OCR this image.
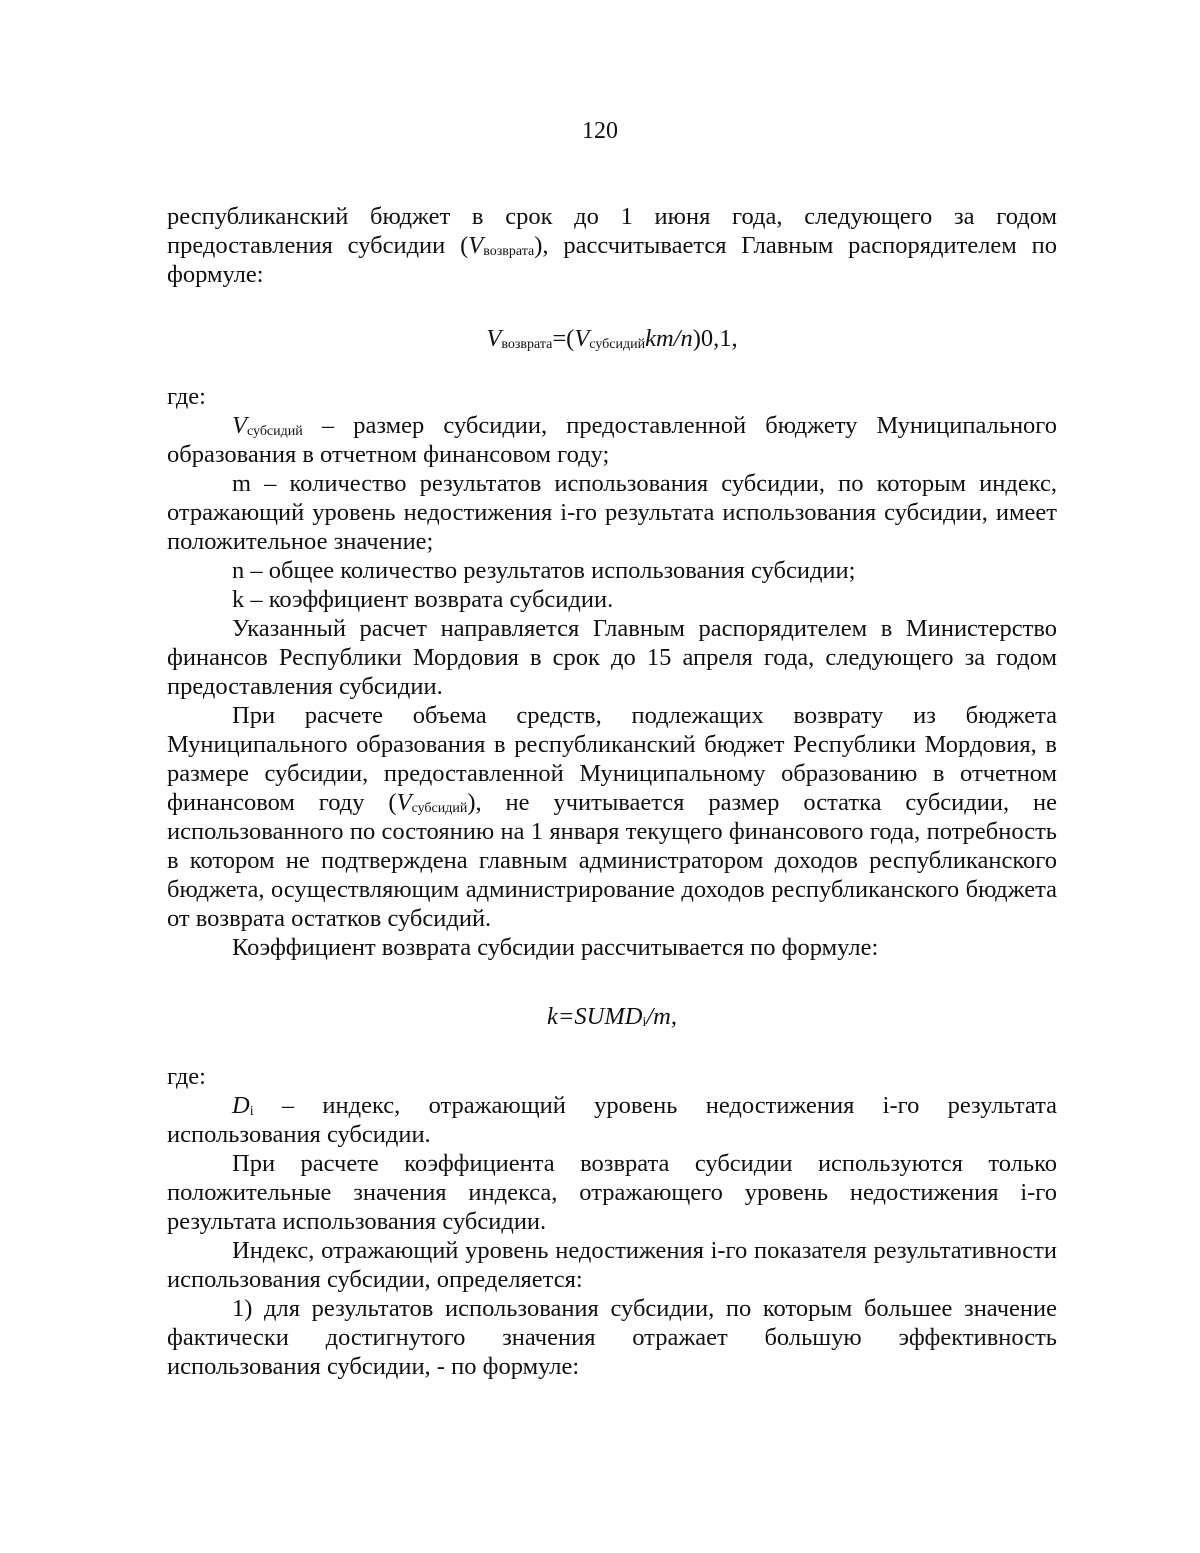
120

республиканский бюджет в срок до 1 июня года, следующего за годом предоставления субсидии (Vвозврата), рассчитывается Главным распорядителем по формуле:

Vвозврата=(Vсубсидийkm/n)0,1,

где:

Vсубсидий – размер субсидии, предоставленной бюджету Муниципального образования в отчетном финансовом году;

m – количество результатов использования субсидии, по которым индекс, отражающий уровень недостижения i-го результата использования субсидии, имеет положительное значение;

n – общее количество результатов использования субсидии;

k – коэффициент возврата субсидии.

Указанный расчет направляется Главным распорядителем в Министерство финансов Республики Мордовия в срок до 15 апреля года, следующего за годом предоставления субсидии.

При расчете объема средств, подлежащих возврату из бюджета Муниципального образования в республиканский бюджет Республики Мордовия, в размере субсидии, предоставленной Муниципальному образованию в отчетном финансовом году (Vсубсидий), не учитывается размер остатка субсидии, не использованного по состоянию на 1 января текущего финансового года, потребность в котором не подтверждена главным администратором доходов республиканского бюджета, осуществляющим администрирование доходов республиканского бюджета от возврата остатков субсидий.

Коэффициент возврата субсидии рассчитывается по формуле:

k=SUMDi/m,

где:

Di – индекс, отражающий уровень недостижения i-го результата использования субсидии.

При расчете коэффициента возврата субсидии используются только положительные значения индекса, отражающего уровень недостижения i-го результата использования субсидии.

Индекс, отражающий уровень недостижения i-го показателя результативности использования субсидии, определяется:

1) для результатов использования субсидии, по которым большее значение фактически достигнутого значения отражает большую эффективность использования субсидии, - по формуле:
